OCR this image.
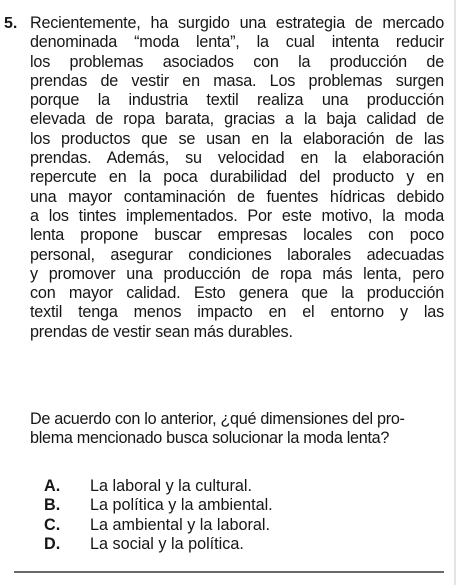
5. Recientemente, ha surgido una estrategia de mercado
denominada “moda lenta”, la cual intenta reducir
los problemas asociados con la producción de
prendas de vestir en masa. Los problemas surgen
porque la industria textil realiza una producción
elevada de ropa barata, gracias a la baja calidad de
los productos que se usan en la elaboración de las
prendas. Además, su velocidad en la elaboración
repercute en la poca durabilidad del producto y en
una mayor contaminación de fuentes hídricas debido
a los tintes implementados. Por este motivo, la moda
lenta propone buscar empresas locales con poco
personal, asegurar condiciones laborales adecuadas
y promover una producción de ropa más lenta, pero
con mayor calidad. Esto genera que la producción
textil tenga menos impacto en el entorno y las
prendas de vestir sean más durables.
De acuerdo con lo anterior, ¿qué dimensiones del pro-
blema mencionado busca solucionar la moda lenta?
A.	La laboral y la cultural.
B.	La política y la ambiental.
C.	La ambiental y la laboral.
D.	La social y la política.
